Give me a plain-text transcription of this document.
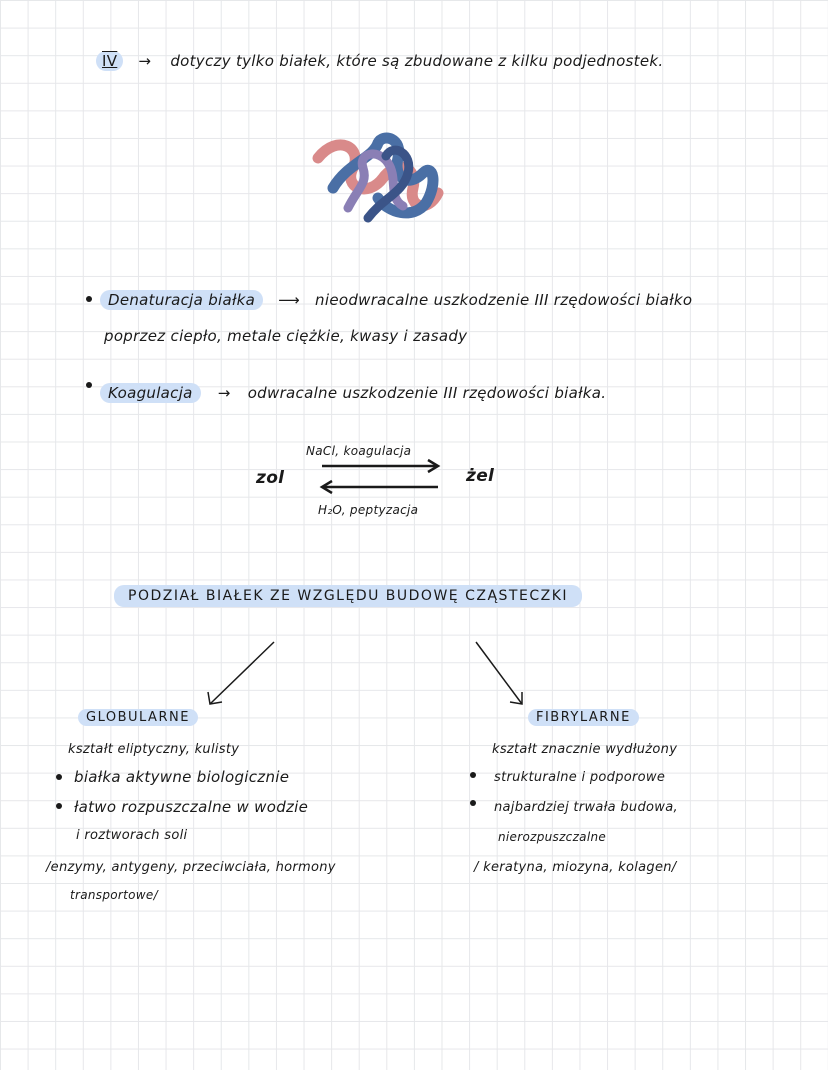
IV → dotyczy tylko białek, które są zbudowane z kilku podjednostek.
Denaturacja białka ⟶ nieodwracalne uszkodzenie III rzędowości białko
poprzez ciepło, metale ciężkie, kwasy i zasady
Koagulacja → odwracalne uszkodzenie III rzędowości białka.
NaCl, koagulacja
zol	żel
H₂O, peptyzacja
PODZIAŁ BIAŁEK ZE WZGLĘDU BUDOWĘ CZĄSTECZKI
GLOBULARNE
kształt eliptyczny, kulisty
białka aktywne biologicznie
łatwo rozpuszczalne w wodzie
i roztworach soli
/enzymy, antygeny, przeciwciała, hormony
transportowe/
FIBRYLARNE
kształt znacznie wydłużony
strukturalne i podporowe
najbardziej trwała budowa,
nierozpuszczalne
/ keratyna, miozyna, kolagen/
